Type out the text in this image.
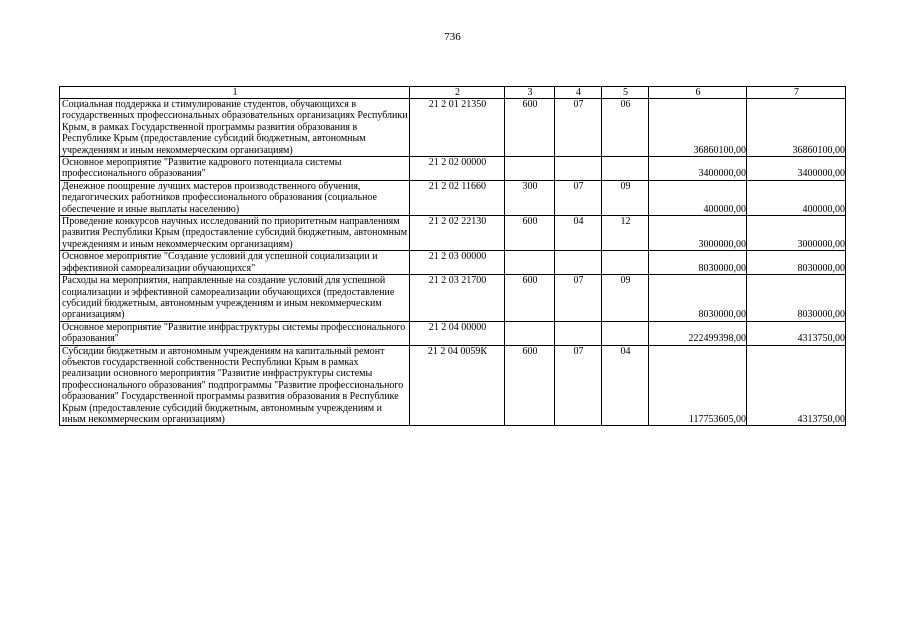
736
1	2	3	4	5	6	7
Социальная поддержка и стимулирование студентов, обучающихся в государственных профессиональных образовательных организациях Республики Крым, в рамках Государственной программы развития образования в Республике Крым (предоставление субсидий бюджетным, автономным учреждениям и иным некоммерческим организациям)	21 2 01 21350	600	07	06	36860100,00	36860100,00
Основное мероприятие "Развитие кадрового потенциала системы профессионального образования"	21 2 02 00000				3400000,00	3400000,00
Денежное поощрение лучших мастеров производственного обучения, педагогических работников профессионального образования (социальное обеспечение и иные выплаты населению)	21 2 02 11660	300	07	09	400000,00	400000,00
Проведение конкурсов научных исследований по приоритетным направлениям развития Республики Крым (предоставление субсидий бюджетным, автономным учреждениям и иным некоммерческим организациям)	21 2 02 22130	600	04	12	3000000,00	3000000,00
Основное мероприятие "Создание условий для успешной социализации и эффективной самореализации обучающихся"	21 2 03 00000				8030000,00	8030000,00
Расходы на мероприятия, направленные на создание условий для успешной социализации и эффективной самореализации обучающихся (предоставление субсидий бюджетным, автономным учреждениям и иным некоммерческим организациям)	21 2 03 21700	600	07	09	8030000,00	8030000,00
Основное мероприятие "Развитие инфраструктуры системы профессионального образования"	21 2 04 00000				222499398,00	4313750,00
Субсидии бюджетным и автономным учреждениям на капитальный ремонт объектов государственной собственности Республики Крым в рамках реализации основного мероприятия "Развитие инфраструктуры системы профессионального образования" подпрограммы "Развитие профессионального образования" Государственной программы развития образования в Республике Крым (предоставление субсидий бюджетным, автономным учреждениям и иным некоммерческим организациям)	21 2 04 0059К	600	07	04	117753605,00	4313750,00
